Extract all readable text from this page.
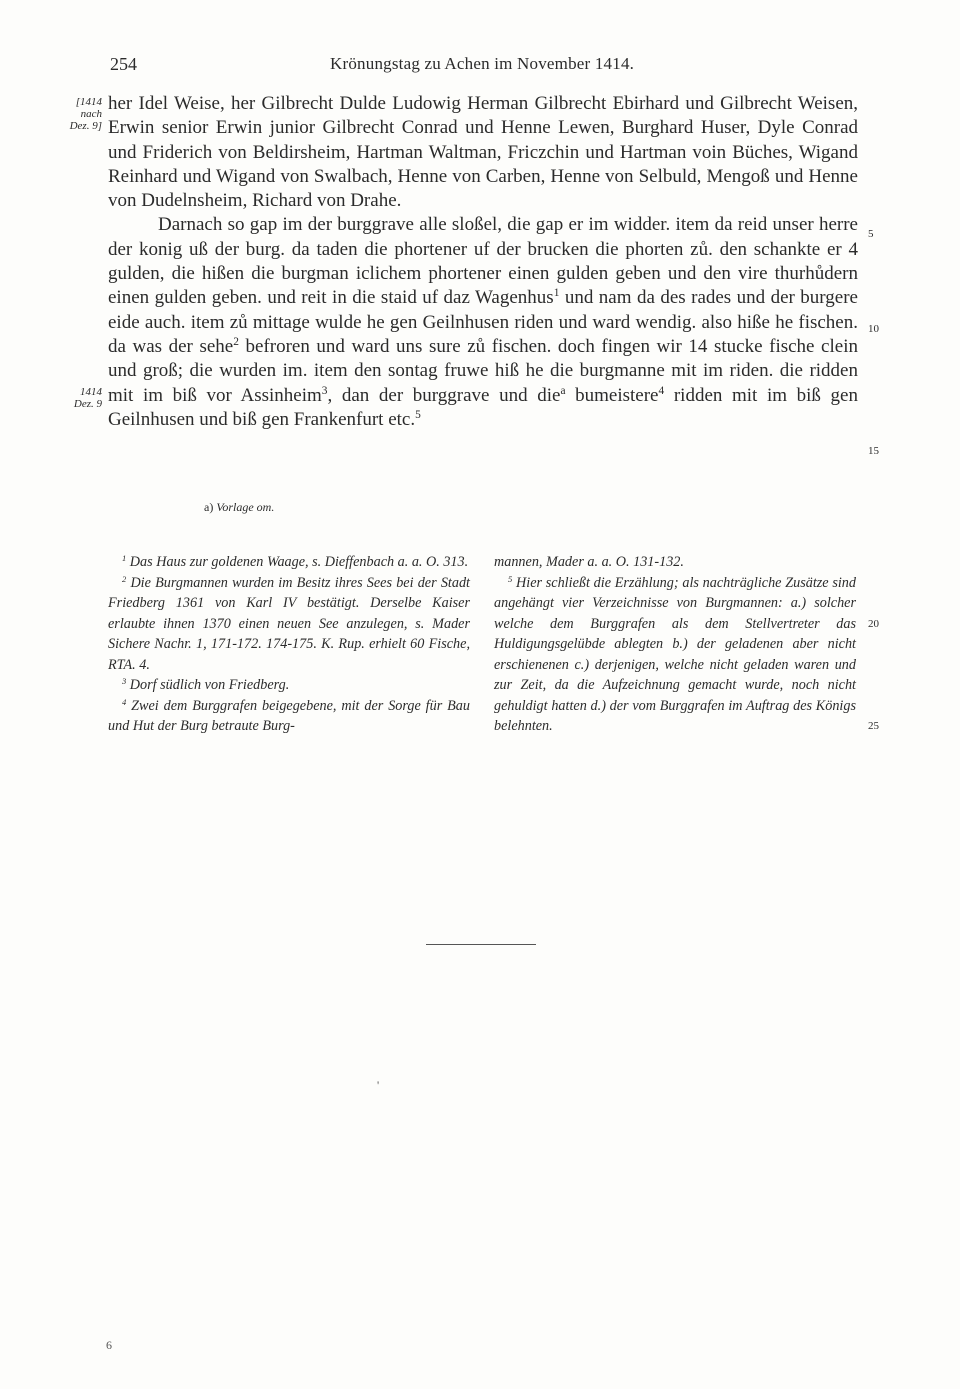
254	Krönungstag zu Achen im November 1414.
[1414 nach Dez. 9]
1414 Dez. 9

her Idel Weise, her Gilbrecht Dulde Ludowig Herman Gilbrecht Ebirhard und Gilbrecht Weisen, Erwin senior Erwin junior Gilbrecht Conrad und Henne Lewen, Burghard Huser, Dyle Conrad und Friderich von Beldirsheim, Hartman Waltman, Friczchin und Hartman voin Büches, Wigand Reinhard und Wigand von Swalbach, Henne von Carben, Henne von Selbuld, Mengoß und Henne von Dudelnsheim, Richard von Drahe.

Darnach so gap im der burggrave alle sloßel, die gap er im widder. item da reid unser herre der konig uß der burg. da taden die phortener uf der brucken die phorten zů. den schankte er 4 gulden, die hißen die burgman iclichem phortener einen gulden geben und den vire thurhůdern einen gulden geben. und reit in die staid uf daz Wagenhus$^1$ und nam da des rades und der burgere eide auch. item zů mittage wulde he gen Geilnhusen riden und ward wendig. also hiße he fischen. da was der sehe$^2$ befroren und ward uns sure zů fischen. doch fingen wir 14 stucke fische clein und groß; die wurden im. item den sontag fruwe hiß he die burgmanne mit im riden. die ridden mit im biß vor Assinheim$^3$, dan der burggrave und die$^a$ bumeistere$^4$ ridden mit im biß gen Geilnhusen und biß gen Frankenfurt etc.$^5$

5
10
15
20
25
a) Vorlage om.

$^1$ Das Haus zur goldenen Waage, s. Dieffenbach a. a. O. 313.

$^2$ Die Burgmannen wurden im Besitz ihres Sees bei der Stadt Friedberg 1361 von Karl IV bestätigt. Derselbe Kaiser erlaubte ihnen 1370 einen neuen See anzulegen, s. Mader Sichere Nachr. 1, 171-172. 174-175. K. Rup. erhielt 60 Fische, RTA. 4.

$^3$ Dorf südlich von Friedberg.

$^4$ Zwei dem Burggrafen beigegebene, mit der Sorge für Bau und Hut der Burg betraute Burg-

mannen, Mader a. a. O. 131-132.

$^5$ Hier schließt die Erzählung; als nachträgliche Zusätze sind angehängt vier Verzeichnisse von Burgmannen: a.) solcher welche dem Burggrafen als dem Stellvertreter das Huldigungsgelübde ablegten b.) der geladenen aber nicht erschienenen c.) derjenigen, welche nicht geladen waren und zur Zeit, da die Aufzeichnung gemacht wurde, noch nicht gehuldigt hatten d.) der vom Burggrafen im Auftrag des Königs belehnten.

'
6
